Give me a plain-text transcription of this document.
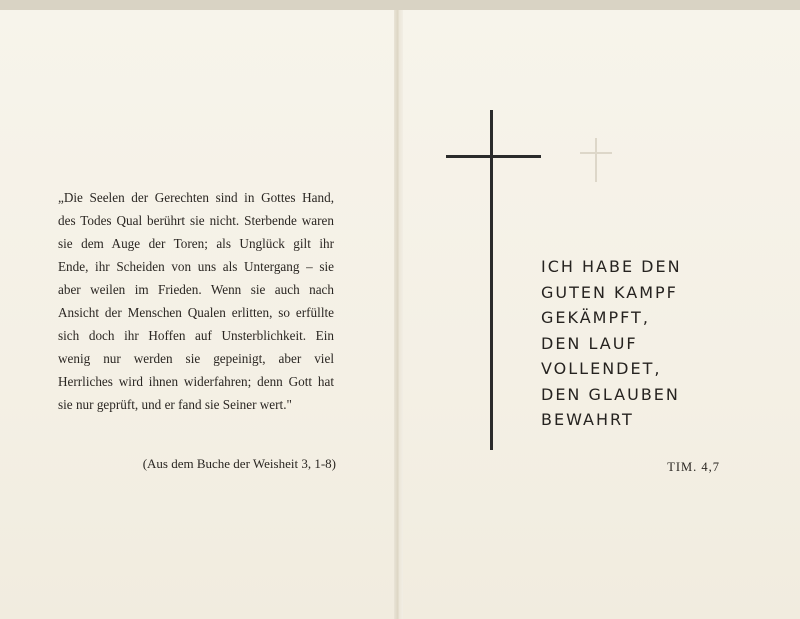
„Die Seelen der Gerechten sind in Gottes Hand,
des Todes Qual berührt sie nicht. Sterbende waren
sie dem Auge der Toren; als Unglück gilt ihr
Ende, ihr Scheiden von uns als Untergang – sie
aber weilen im Frieden. Wenn sie auch nach
Ansicht der Menschen Qualen erlitten, so erfüllte
sich doch ihr Hoffen auf Unsterblichkeit. Ein
wenig nur werden sie gepeinigt, aber viel
Herrliches wird ihnen widerfahren; denn Gott hat
sie nur geprüft, und er fand sie Seiner wert."
(Aus dem Buche der Weisheit 3, 1-8)
ICH HABE DEN
GUTEN KAMPF
GEKÄMPFT,
DEN LAUF
VOLLENDET,
DEN GLAUBEN
BEWAHRT
TIM. 4,7
